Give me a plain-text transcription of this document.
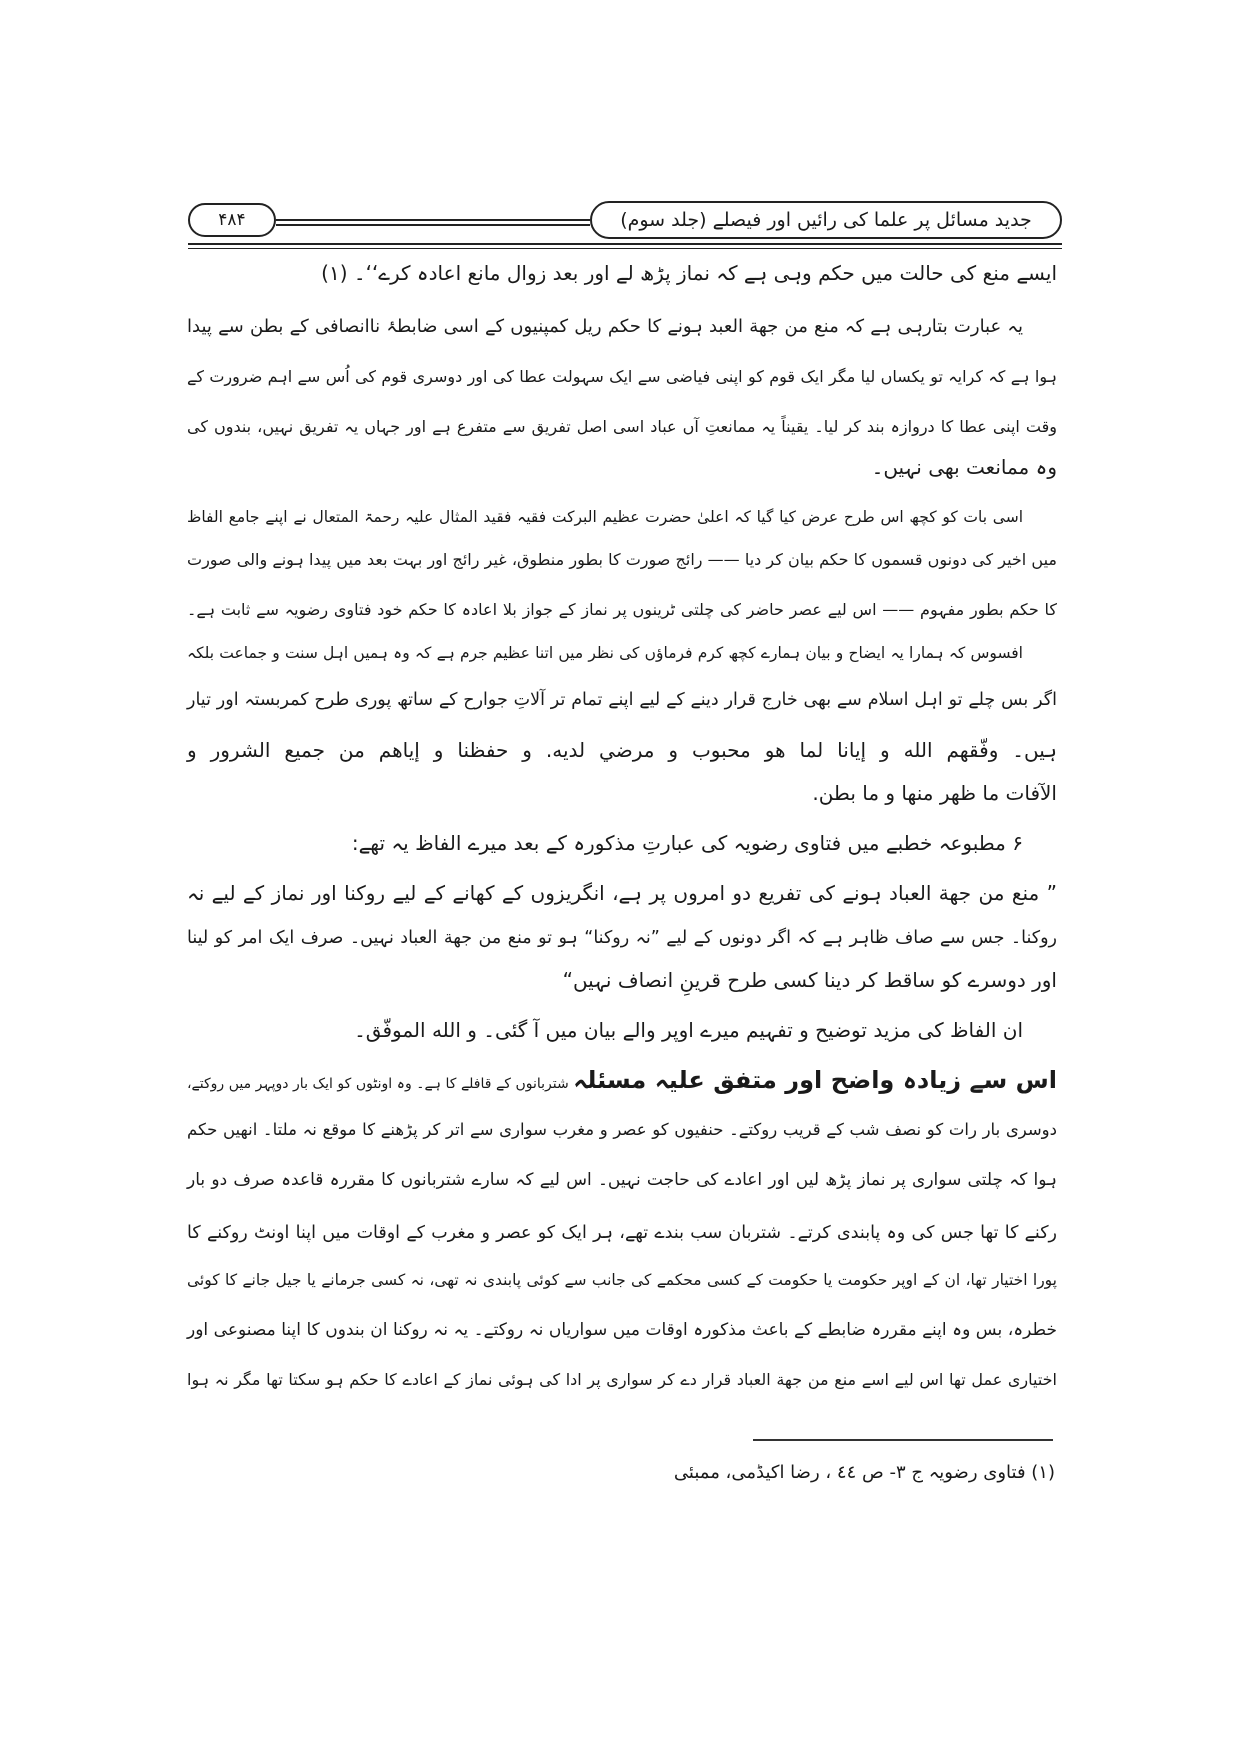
۴۸۴	جدید مسائل پر علما کی رائیں اور فیصلے (جلد سوم)
ایسے منع کی حالت میں حکم وہی ہے کہ نماز پڑھ لے اور بعد زوال مانع اعادہ کرے‘‘۔ (۱)
یہ عبارت بتارہی ہے کہ منع من جهة العبد ہونے کا حکم ریل کمپنیوں کے اسی ضابطۂ ناانصافی کے بطن سے پیدا
ہوا ہے کہ کرایہ تو یکساں لیا مگر ایک قوم کو اپنی فیاضی سے ایک سہولت عطا کی اور دوسری قوم کی اُس سے اہم ضرورت کے
وقت اپنی عطا کا دروازہ بند کر لیا۔ یقیناً یہ ممانعتِ آں عباد اسی اصل تفریق سے متفرع ہے اور جہاں یہ تفریق نہیں، بندوں کی
وہ ممانعت بھی نہیں۔
اسی بات کو کچھ اس طرح عرض کیا گیا کہ اعلیٰ حضرت عظیم البرکت فقیہ فقید المثال علیہ رحمۃ المتعال نے اپنے جامع الفاظ
میں اخیر کی دونوں قسموں کا حکم بیان کر دیا —— رائج صورت کا بطور منطوق، غیر رائج اور بہت بعد میں پیدا ہونے والی صورت
کا حکم بطور مفہوم —— اس لیے عصر حاضر کی چلتی ٹرینوں پر نماز کے جواز بلا اعادہ کا حکم خود فتاوی رضویہ سے ثابت ہے۔
افسوس کہ ہمارا یہ ایضاح و بیان ہمارے کچھ کرم فرماؤں کی نظر میں اتنا عظیم جرم ہے کہ وہ ہمیں اہل سنت و جماعت بلکہ
اگر بس چلے تو اہل اسلام سے بھی خارج قرار دینے کے لیے اپنے تمام تر آلاتِ جوارح کے ساتھ پوری طرح کمربستہ اور تیار
ہیں۔ وفّقهم الله و إيانا لما هو محبوب و مرضي لديه. و حفظنا و إياهم من جميع الشرور و
الآفات ما ظهر منها و ما بطن.
۶ مطبوعہ خطبے میں فتاوی رضویہ کی عبارتِ مذکورہ کے بعد میرے الفاظ یہ تھے:
” منع من جهة العباد ہونے کی تفریع دو امروں پر ہے، انگریزوں کے کھانے کے لیے روکنا اور نماز کے لیے نہ
روکنا۔ جس سے صاف ظاہر ہے کہ اگر دونوں کے لیے ”نہ روکنا“ ہو تو منع من جهة العباد نہیں۔ صرف ایک امر کو لینا
اور دوسرے کو ساقط کر دینا کسی طرح قرینِ انصاف نہیں“
ان الفاظ کی مزید توضیح و تفہیم میرے اوپر والے بیان میں آ گئی۔ و الله الموفّق۔
اس سے زیادہ واضح اور متفق علیہ مسئلہ شتربانوں کے قافلے کا ہے۔ وہ اونٹوں کو ایک بار دوپہر میں روکتے،
دوسری بار رات کو نصف شب کے قریب روکتے۔ حنفیوں کو عصر و مغرب سواری سے اتر کر پڑھنے کا موقع نہ ملتا۔ انھیں حکم
ہوا کہ چلتی سواری پر نماز پڑھ لیں اور اعادے کی حاجت نہیں۔ اس لیے کہ سارے شتربانوں کا مقررہ قاعدہ صرف دو بار
رکنے کا تھا جس کی وہ پابندی کرتے۔ شتربان سب بندے تھے، ہر ایک کو عصر و مغرب کے اوقات میں اپنا اونٹ روکنے کا
پورا اختیار تھا، ان کے اوپر حکومت یا حکومت کے کسی محکمے کی جانب سے کوئی پابندی نہ تھی، نہ کسی جرمانے یا جیل جانے کا کوئی
خطرہ، بس وہ اپنے مقررہ ضابطے کے باعث مذکورہ اوقات میں سواریاں نہ روکتے۔ یہ نہ روکنا ان بندوں کا اپنا مصنوعی اور
اختیاری عمل تھا اس لیے اسے منع من جهة العباد قرار دے کر سواری پر ادا کی ہوئی نماز کے اعادے کا حکم ہو سکتا تھا مگر نہ ہوا
(۱) فتاوی رضویہ ج ۳- ص ٤٤ ، رضا اکیڈمی، ممبئی
